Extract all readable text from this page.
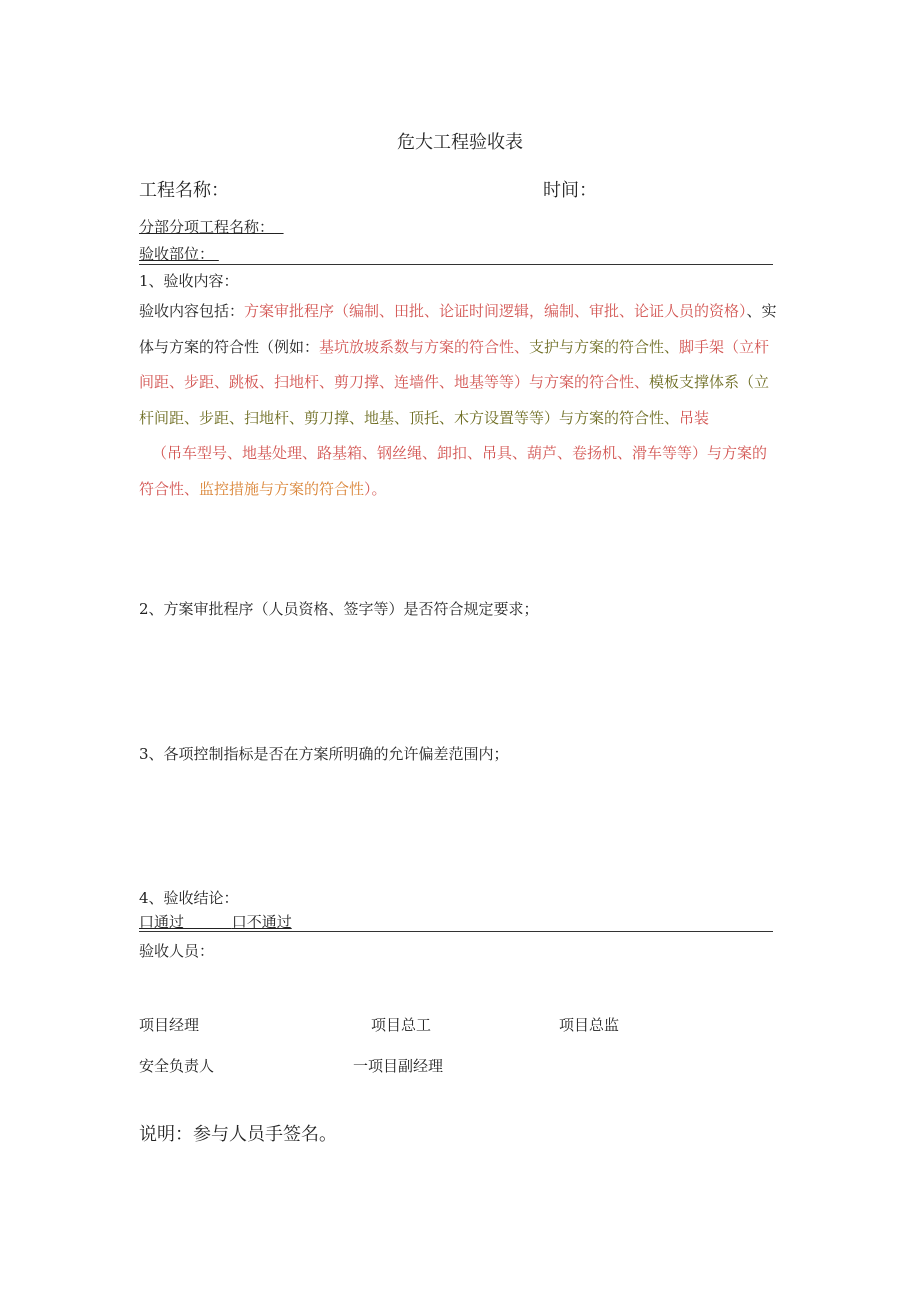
危大工程验收表
工程名称：	时间：
分部分项工程名称：
验收部位：
1、验收内容：
验收内容包括：方案审批程序（编制、田批、论证时间逻辑，编制、审批、论证人员的资格）、实体与方案的符合性（例如：基坑放坡系数与方案的符合性、支护与方案的符合性、脚手架（立杆间距、步距、跳板、扫地杆、剪刀撑、连墙件、地基等等）与方案的符合性、模板支撑体系（立杆间距、步距、扫地杆、剪刀撑、地基、顶托、木方设置等等）与方案的符合性、吊装
（吊车型号、地基处理、路基箱、钢丝绳、卸扣、吊具、葫芦、卷扬机、滑车等等）与方案的符合性、监控措施与方案的符合性）。
2、方案审批程序（人员资格、签字等）是否符合规定要求；
3、各项控制指标是否在方案所明确的允许偏差范围内；
4、验收结论：
口通过	口不通过
验收人员：
项目经理	项目总工	项目总监
安全负责人	一项目副经理
说明：参与人员手签名。
